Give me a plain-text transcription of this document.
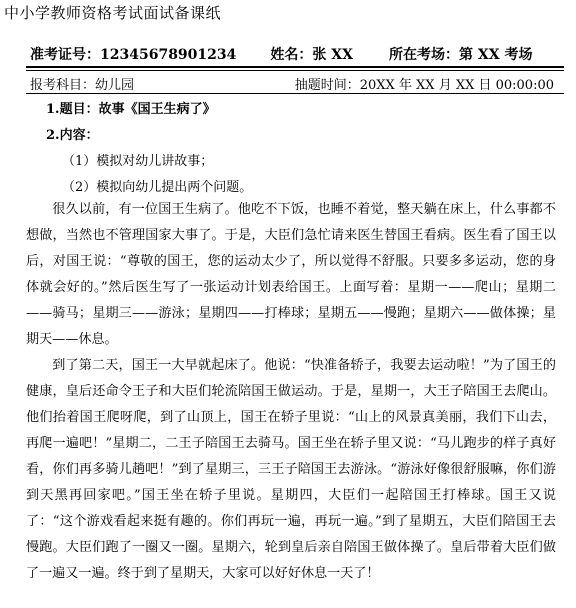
中小学教师资格考试面试备课纸
准考证号：12345678901234 姓名：张 XX	所在考场：第 XX 考场
报考科目：幼儿园	抽题时间：20XX 年 XX 月 XX 日 00:00:00
1.题目：故事《国王生病了》
2.内容：
（1）模拟对幼儿讲故事；
（2）模拟向幼儿提出两个问题。

很久以前，有一位国王生病了。他吃不下饭，也睡不着觉，整天躺在床上，什么事都不想做，当然也不管理国家大事了。于是，大臣们急忙请来医生替国王看病。医生看了国王以后，对国王说：“尊敬的国王，您的运动太少了，所以觉得不舒服。只要多多运动，您的身体就会好的。”然后医生写了一张运动计划表给国王。上面写着：星期一——爬山；星期二——骑马；星期三——游泳；星期四——打棒球；星期五——慢跑；星期六——做体操；星期天——休息。

到了第二天，国王一大早就起床了。他说：“快准备轿子，我要去运动啦！”为了国王的健康，皇后还命令王子和大臣们轮流陪国王做运动。于是，星期一，大王子陪国王去爬山。他们抬着国王爬呀爬，到了山顶上，国王在轿子里说：“山上的风景真美丽，我们下山去，再爬一遍吧！”星期二，二王子陪国王去骑马。国王坐在轿子里又说：“马儿跑步的样子真好看，你们再多骑儿趟吧！”到了星期三，三王子陪国王去游泳。“游泳好像很舒服嘛，你们游到天黑再回家吧。”国王坐在轿子里说。星期四，大臣们一起陪国王打棒球。国王又说了：“这个游戏看起来挺有趣的。你们再玩一遍，再玩一遍。”到了星期五，大臣们陪国王去慢跑。大臣们跑了一圈又一圈。星期六，轮到皇后亲自陪国王做体操了。皇后带着大臣们做了一遍又一遍。终于到了星期天，大家可以好好休息一天了！
